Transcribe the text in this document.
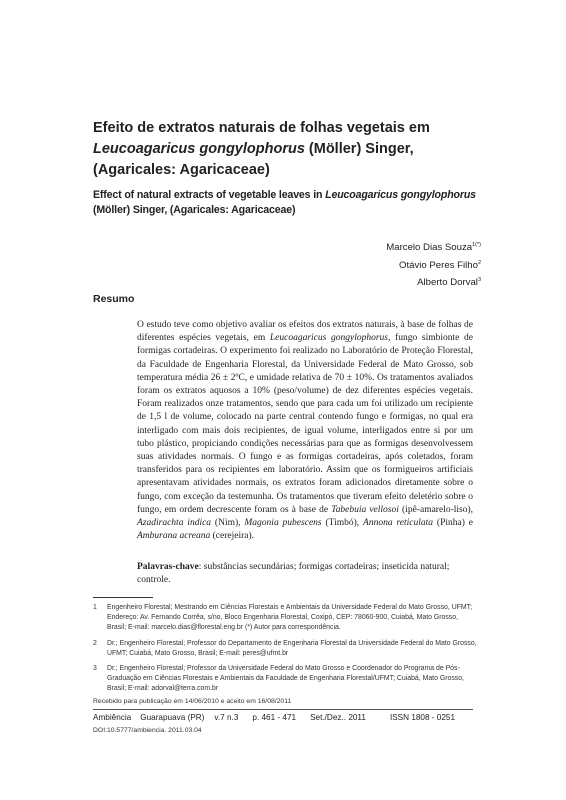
Efeito de extratos naturais de folhas vegetais em Leucoagaricus gongylophorus (Möller) Singer, (Agaricales: Agaricaceae)
Effect of natural extracts of vegetable leaves in Leucoagaricus gongylophorus (Möller) Singer, (Agaricales: Agaricaceae)
Marcelo Dias Souza$^{1(*)}$
Otávio Peres Filho$^2$
Alberto Dorval$^3$
Resumo
O estudo teve como objetivo avaliar os efeitos dos extratos naturais, à base de folhas de diferentes espécies vegetais, em Leucoagaricus gongylophorus, fungo simbionte de formigas cortadeiras. O experimento foi realizado no Laboratório de Proteção Florestal, da Faculdade de Engenharia Florestal, da Universidade Federal de Mato Grosso, sob temperatura média 26 ± 2ºC, e umidade relativa de 70 ± 10%. Os tratamentos avaliados foram os extratos aquosos a 10% (peso/volume) de dez diferentes espécies vegetais. Foram realizados onze tratamentos, sendo que para cada um foi utilizado um recipiente de 1,5 l de volume, colocado na parte central contendo fungo e formigas, no qual era interligado com mais dois recipientes, de igual volume, interligados entre si por um tubo plástico, propiciando condições necessárias para que as formigas desenvolvessem suas atividades normais. O fungo e as formigas cortadeiras, após coletados, foram transferidos para os recipientes em laboratório. Assim que os formigueiros artificiais apresentavam atividades normais, os extratos foram adicionados diretamente sobre o fungo, com exceção da testemunha. Os tratamentos que tiveram efeito deletério sobre o fungo, em ordem decrescente foram os à base de Tabebuia vellosoi (ipê-amarelo-liso), Azadirachta indica (Nim), Magonia pubescens (Timbó), Annona reticulata (Pinha) e Amburana acreana (cerejeira).
Palavras-chave: substâncias secundárias; formigas cortadeiras; inseticida natural; controle.
1	Engenheiro Florestal; Mestrando em Ciências Florestais e Ambientais da Universidade Federal do Mato Grosso, UFMT; Endereço: Av. Fernando Corrêa, s/no, Bloco Engenharia Florestal, Coxipó, CEP: 78060-900, Cuiabá, Mato Grosso, Brasil; E-mail: marcelo.dias@florestal.eng.br (*) Autor para correspondência.
2	Dr.; Engenheiro Florestal; Professor do Departamento de Engenharia Florestal da Universidade Federal do Mato Grosso, UFMT; Cuiabá, Mato Grosso, Brasil; E-mail: peres@ufmt.br
3	Dr.; Engenheiro Florestal; Professor da Universidade Federal do Mato Grosso e Coordenador do Programa de Pós-Graduação em Ciências Florestais e Ambientais da Faculdade de Engenharia Florestal/UFMT; Cuiabá, Mato Grosso, Brasil; E-mail: adorval@terra.com.br
Recebido para publicação em 14/06/2010 e aceito em 16/08/2011
Ambiência Guarapuava (PR) v.7 n.3 p. 461 - 471 Set./Dez.. 2011	ISSN 1808 - 0251
DOI:10.5777/ambiencia. 2011.03.04
